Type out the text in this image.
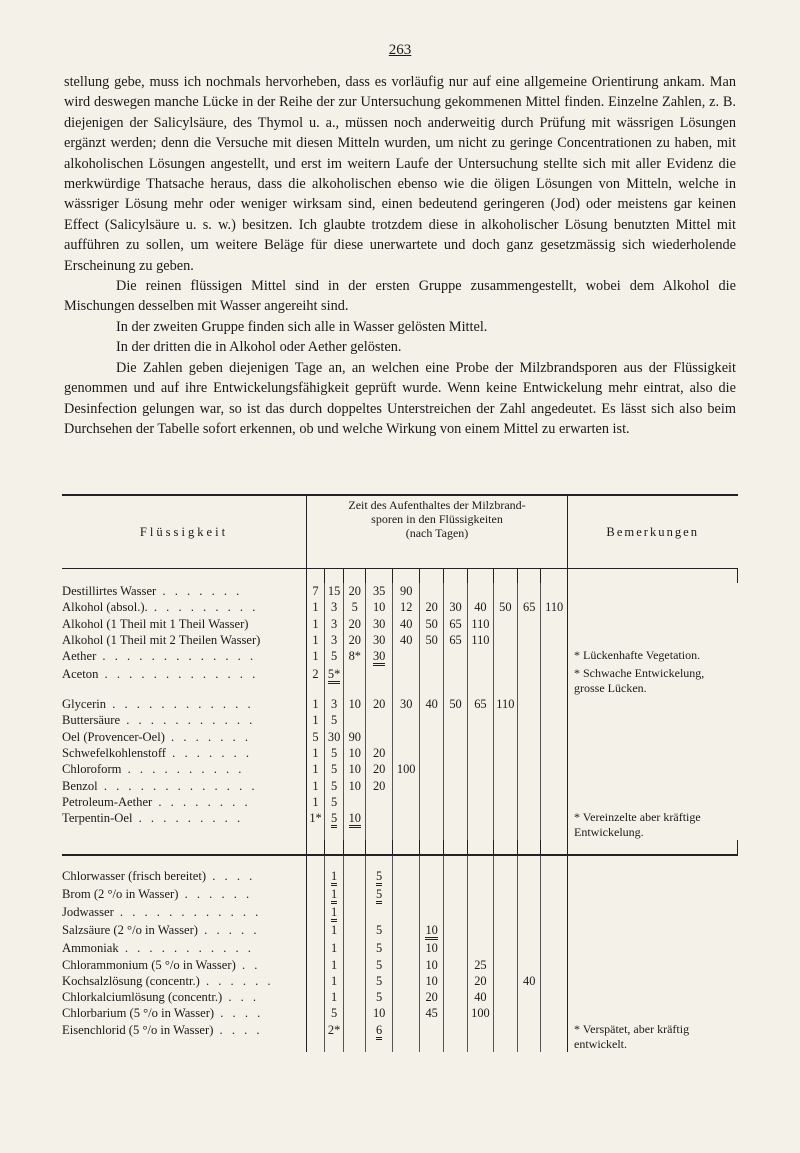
263

stellung gebe, muss ich nochmals hervorheben, dass es vorläufig nur auf eine allgemeine Orientirung ankam. Man wird deswegen manche Lücke in der Reihe der zur Untersuchung gekommenen Mittel finden. Einzelne Zahlen, z. B. diejenigen der Salicylsäure, des Thymol u. a., müssen noch anderweitig durch Prüfung mit wässrigen Lösungen ergänzt werden; denn die Versuche mit diesen Mitteln wurden, um nicht zu geringe Concentrationen zu haben, mit alkoholischen Lösungen angestellt, und erst im weitern Laufe der Untersuchung stellte sich mit aller Evidenz die merkwürdige Thatsache heraus, dass die alkoholischen ebenso wie die öligen Lösungen von Mitteln, welche in wässriger Lösung mehr oder weniger wirksam sind, einen bedeutend geringeren (Jod) oder meistens gar keinen Effect (Salicylsäure u. s. w.) besitzen. Ich glaubte trotzdem diese in alkoholischer Lösung benutzten Mittel mit aufführen zu sollen, um weitere Beläge für diese unerwartete und doch ganz gesetzmässig sich wiederholende Erscheinung zu geben.

Die reinen flüssigen Mittel sind in der ersten Gruppe zusammengestellt, wobei dem Alkohol die Mischungen desselben mit Wasser angereiht sind.

In der zweiten Gruppe finden sich alle in Wasser gelösten Mittel.

In der dritten die in Alkohol oder Aether gelösten.

Die Zahlen geben diejenigen Tage an, an welchen eine Probe der Milzbrandsporen aus der Flüssigkeit genommen und auf ihre Entwickelungsfähigkeit geprüft wurde. Wenn keine Entwickelung mehr eintrat, also die Desinfection gelungen war, so ist das durch doppeltes Unterstreichen der Zahl angedeutet. Es lässt sich also beim Durchsehen der Tabelle sofort erkennen, ob und welche Wirkung von einem Mittel zu erwarten ist.

Flüssigkeit	Zeit des Aufenthaltes der Milzbrand-
sporen in den Flüssigkeiten
(nach Tagen)											Bemerkungen

Destillirtes Wasser . . . . . . .	7	15	20	35	90							
Alkohol (absol.). . . . . . . . . .	1	3	5	10	12	20	30	40	50	65	110	
Alkohol (1 Theil mit 1 Theil Wasser)	1	3	20	30	40	50	65	110				
Alkohol (1 Theil mit 2 Theilen Wasser)	1	3	20	30	40	50	65	110				
Aether . . . . . . . . . . . . .	1	5	8*	30								* Lückenhafte Vegetation.
Aceton . . . . . . . . . . . . .	2	5*										* Schwache Entwickelung, grosse Lücken.
Glycerin . . . . . . . . . . . .	1	3	10	20	30	40	50	65	110			
Buttersäure . . . . . . . . . . .	1	5										
Oel (Provencer-Oel) . . . . . . .	5	30	90									
Schwefelkohlenstoff . . . . . . .	1	5	10	20								
Chloroform . . . . . . . . . .	1	5	10	20	100							
Benzol . . . . . . . . . . . . .	1	5	10	20								
Petroleum-Aether . . . . . . . .	1	5										
Terpentin-Oel . . . . . . . . .	1*	5	10									* Vereinzelte aber kräftige Entwickelung.

Chlorwasser (frisch bereitet) . . . .		1		5								
Brom (2 °/o in Wasser) . . . . . .		1		5								
Jodwasser . . . . . . . . . . . .		1										
Salzsäure (2 °/o in Wasser) . . . . .		1		5		10						
Ammoniak . . . . . . . . . . .		1		5		10						
Chlorammonium (5 °/o in Wasser) . .		1		5		10		25				
Kochsalzlösung (concentr.) . . . . . .		1		5		10		20		40		
Chlorkalciumlösung (concentr.) . . .		1		5		20		40				
Chlorbarium (5 °/o in Wasser) . . . .		5		10		45		100				
Eisenchlorid (5 °/o in Wasser) . . . .		2*		6								* Verspätet, aber kräftig entwickelt.
